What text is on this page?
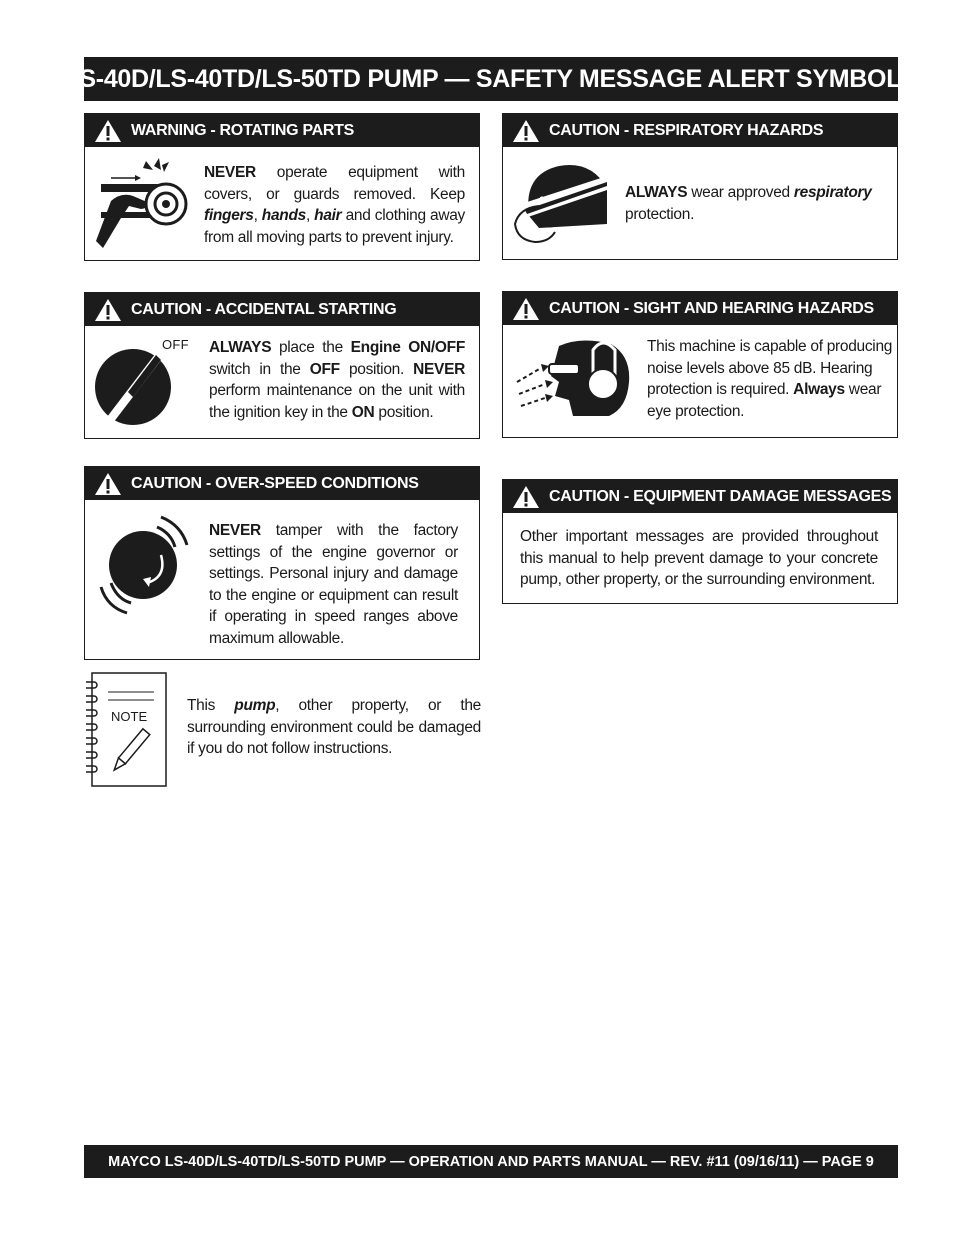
LS-40D/LS-40TD/LS-50TD PUMP — SAFETY MESSAGE ALERT SYMBOLS
WARNING - ROTATING PARTS
NEVER operate equipment with covers, or guards removed. Keep fingers, hands, hair and clothing away from all moving parts to prevent injury.
CAUTION - RESPIRATORY HAZARDS
ALWAYS wear approved respiratory protection.
CAUTION - ACCIDENTAL STARTING
OFF ALWAYS place the Engine ON/OFF switch in the OFF position. NEVER perform maintenance on the unit with the ignition key in the ON position.
CAUTION - SIGHT AND HEARING HAZARDS
This machine is capable of producing noise levels above 85 dB. Hearing protection is required. Always wear eye protection.
CAUTION - OVER-SPEED CONDITIONS
NEVER tamper with the factory settings of the engine governor or settings. Personal injury and damage to the engine or equipment can result if operating in speed ranges above maximum allowable.
CAUTION - EQUIPMENT DAMAGE MESSAGES
Other important messages are provided throughout this manual to help prevent damage to your concrete pump, other property, or the surrounding environment.
NOTE
This pump, other property, or the surrounding environment could be damaged if you do not follow instructions.
MAYCO LS-40D/LS-40TD/LS-50TD PUMP — OPERATION AND PARTS MANUAL — REV. #11 (09/16/11) — PAGE 9
